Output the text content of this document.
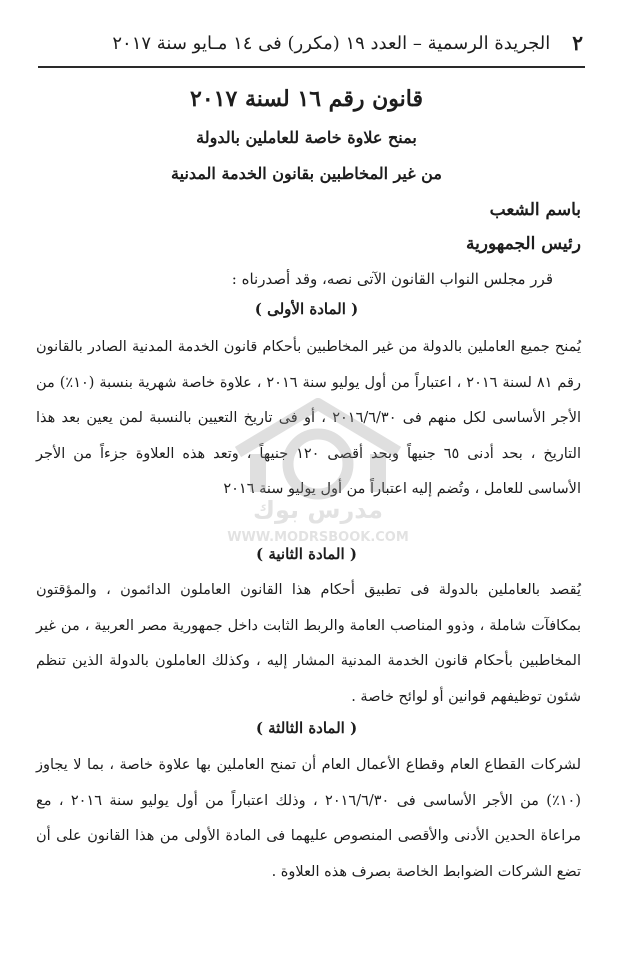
٢
الجريدة الرسمية – العدد ١٩ (مكرر) فى ١٤ مـايو سنة ٢٠١٧
قانون رقم ١٦ لسنة ٢٠١٧
بمنح علاوة خاصة للعاملين بالدولة
من غير المخاطبين بقانون الخدمة المدنية
باسم الشعب
رئيس الجمهورية
قرر مجلس النواب القانون الآتى نصه، وقد أصدرناه :
( المادة الأولى )
يُمنح جميع العاملين بالدولة من غير المخاطبين بأحكام قانون الخدمة المدنية الصادر بالقانون رقم ٨١ لسنة ٢٠١٦ ، اعتباراً من أول يوليو سنة ٢٠١٦ ، علاوة خاصة شهرية بنسبة (١٠٪) من الأجر الأساسى لكل منهم فى ٢٠١٦/٦/٣٠ ، أو فى تاريخ التعيين بالنسبة لمن يعين بعد هذا التاريخ ، بحد أدنى ٦٥ جنيهاً وبحد أقصى ١٢٠ جنيهاً ، وتعد هذه العلاوة جزءاً من الأجر الأساسى للعامل ، وتُضم إليه اعتباراً من أول يوليو سنة ٢٠١٦
( المادة الثانية )
يُقصد بالعاملين بالدولة فى تطبيق أحكام هذا القانون العاملون الدائمون ، والمؤقتون بمكافآت شاملة ، وذوو المناصب العامة والربط الثابت داخل جمهورية مصر العربية ، من غير المخاطبين بأحكام قانون الخدمة المدنية المشار إليه ، وكذلك العاملون بالدولة الذين تنظم شئون توظيفهم قوانين أو لوائح خاصة .
( المادة الثالثة )
لشركات القطاع العام وقطاع الأعمال العام أن تمنح العاملين بها علاوة خاصة ، بما لا يجاوز (١٠٪) من الأجر الأساسى فى ٢٠١٦/٦/٣٠ ، وذلك اعتباراً من أول يوليو سنة ٢٠١٦ ، مع مراعاة الحدين الأدنى والأقصى المنصوص عليهما فى المادة الأولى من هذا القانون على أن تضع الشركات الضوابط الخاصة بصرف هذه العلاوة .
مدرس بوك
WWW.MODRSBOOK.COM
